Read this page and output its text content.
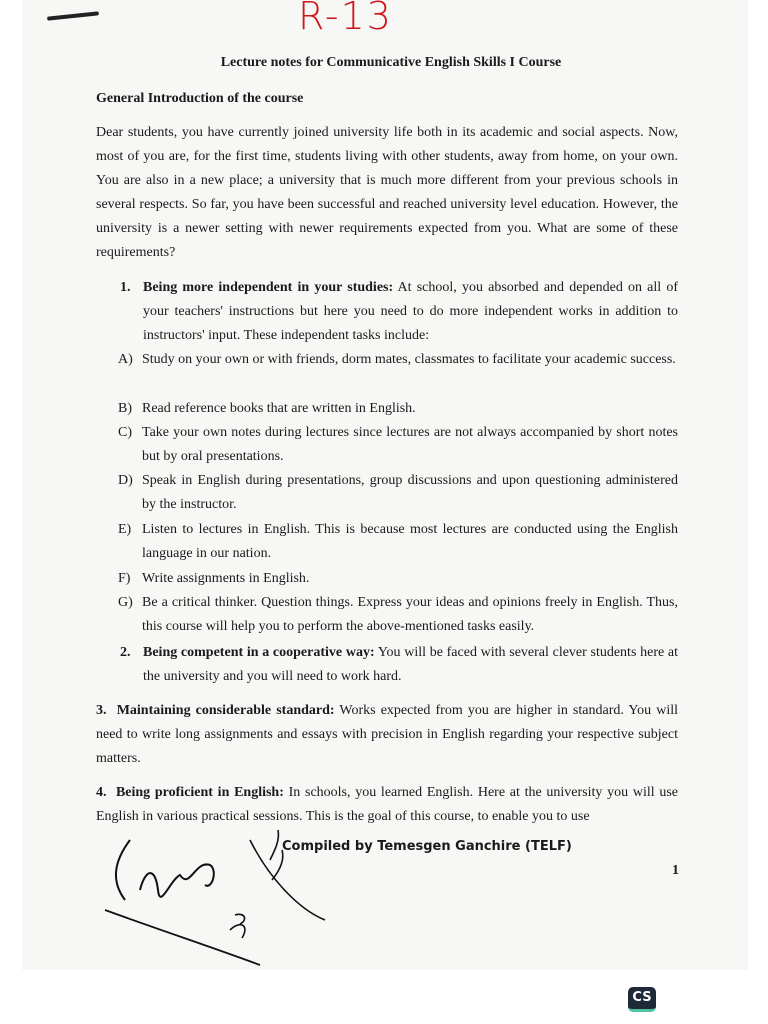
R-13
Lecture notes for Communicative English Skills I Course
General Introduction of the course

Dear students, you have currently joined university life both in its academic and social aspects. Now, most of you are, for the first time, students living with other students, away from home, on your own. You are also in a new place; a university that is much more different from your previous schools in several respects. So far, you have been successful and reached university level education. However, the university is a newer setting with newer requirements expected from you. What are some of these requirements?

1. Being more independent in your studies: At school, you absorbed and depended on all of your teachers' instructions but here you need to do more independent works in addition to instructors' input. These independent tasks include:
A) Study on your own or with friends, dorm mates, classmates to facilitate your academic success.
B) Read reference books that are written in English.
C) Take your own notes during lectures since lectures are not always accompanied by short notes but by oral presentations.
D) Speak in English during presentations, group discussions and upon questioning administered by the instructor.
E) Listen to lectures in English. This is because most lectures are conducted using the English language in our nation.
F) Write assignments in English.
G) Be a critical thinker. Question things. Express your ideas and opinions freely in English. Thus, this course will help you to perform the above-mentioned tasks easily.
2. Being competent in a cooperative way: You will be faced with several clever students here at the university and you will need to work hard.
3. Maintaining considerable standard: Works expected from you are higher in standard. You will need to write long assignments and essays with precision in English regarding your respective subject matters.
4. Being proficient in English: In schools, you learned English. Here at the university you will use English in various practical sessions. This is the goal of this course, to enable you to use
Compiled by Temesgen Ganchire (TELF)
1
CS
